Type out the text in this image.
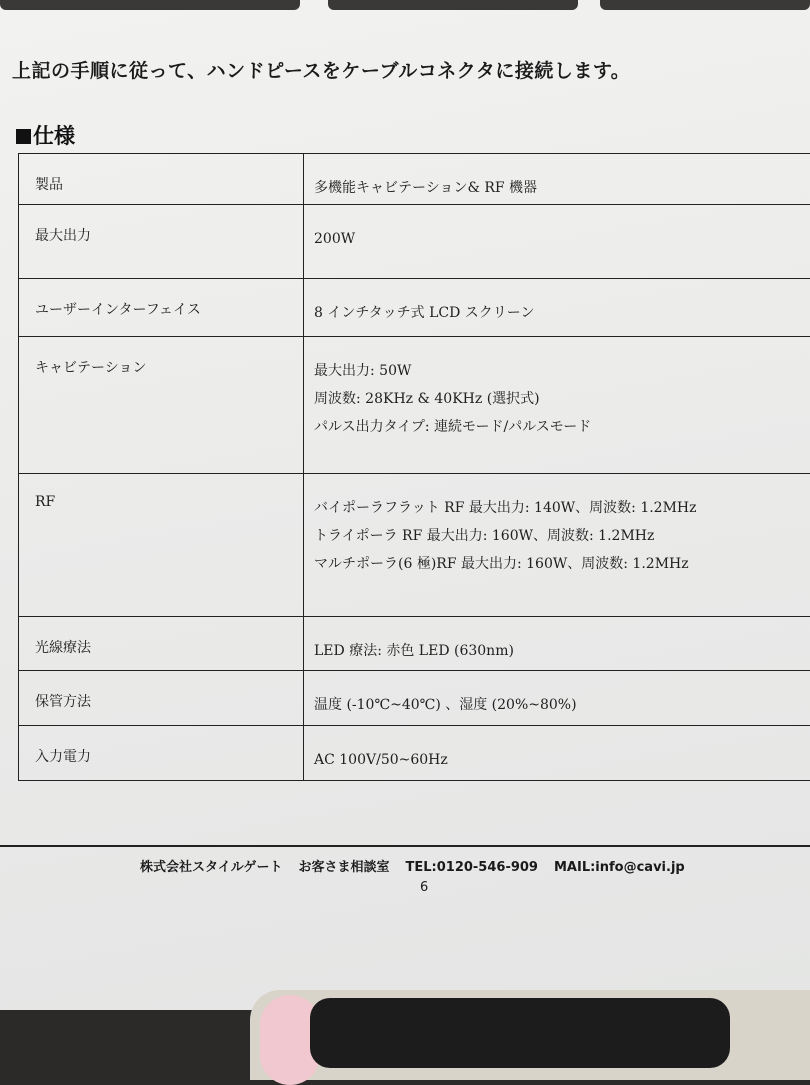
上記の手順に従って、ハンドピースをケーブルコネクタに接続します。
仕様
製品	多機能キャビテーション& RF 機器

最大出力	200W

ユーザーインターフェイス	8 インチタッチ式 LCD スクリーン

キャビテーション	最大出力: 50W
周波数: 28KHz & 40KHz (選択式)
パルス出力タイプ: 連続モード/パルスモード

RF	バイポーラフラット RF 最大出力: 140W、周波数: 1.2MHz
トライポーラ RF 最大出力: 160W、周波数: 1.2MHz
マルチポーラ(6 極)RF 最大出力: 160W、周波数: 1.2MHz

光線療法	LED 療法: 赤色 LED (630nm)

保管方法	温度 (-10℃~40℃) 、湿度 (20%~80%)

入力電力	AC 100V/50~60Hz
株式会社スタイルゲート お客さま相談室 TEL:0120-546-909 MAIL:info@cavi.jp
6
